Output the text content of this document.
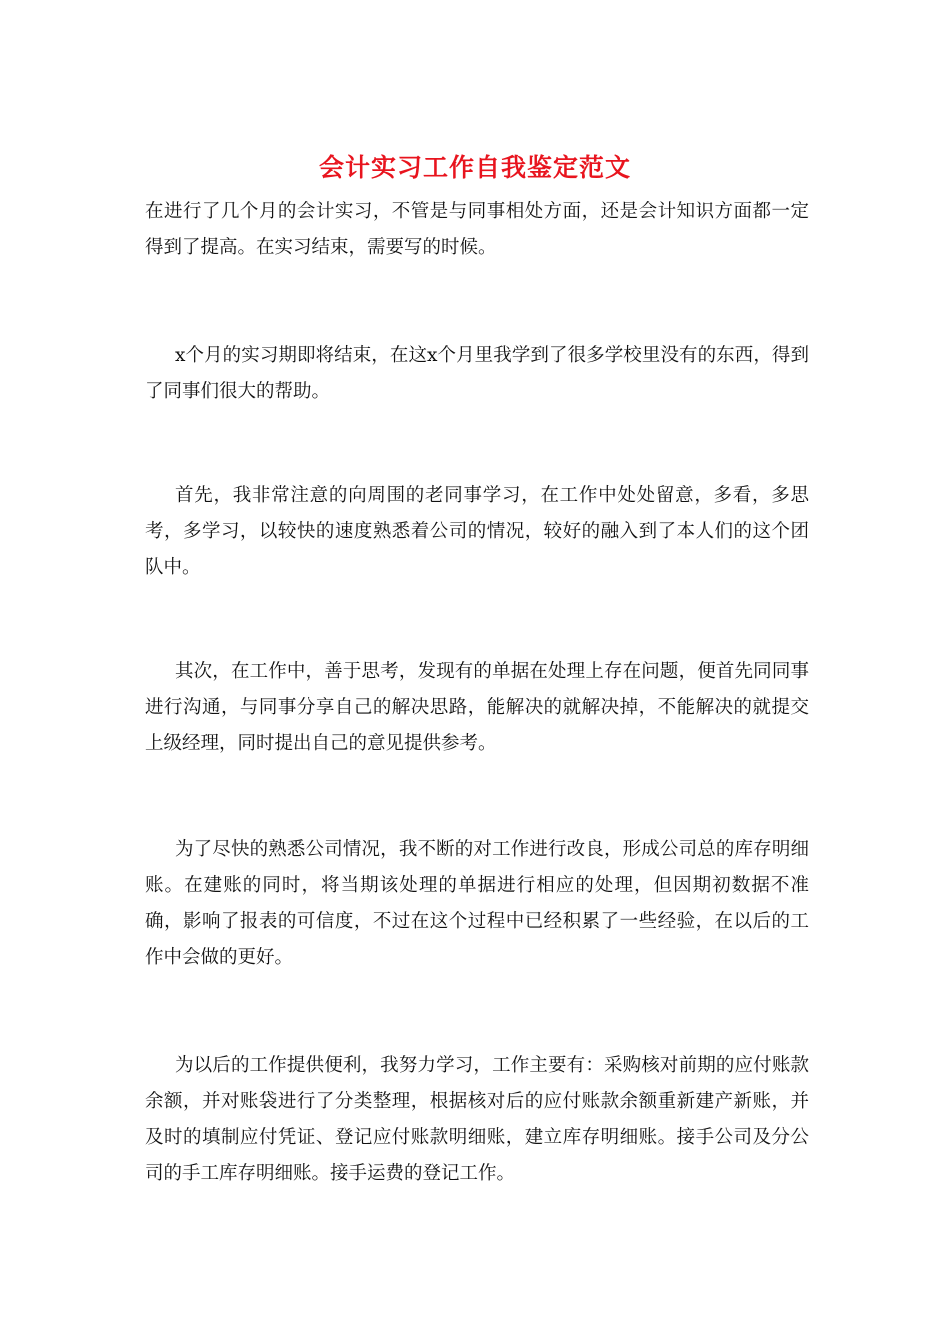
会计实习工作自我鉴定范文

在进行了几个月的会计实习，不管是与同事相处方面，还是会计知识方面都一定得到了提高。在实习结束，需要写的时候。

x个月的实习期即将结束，在这x个月里我学到了很多学校里没有的东西，得到了同事们很大的帮助。

首先，我非常注意的向周围的老同事学习，在工作中处处留意，多看，多思考，多学习，以较快的速度熟悉着公司的情况，较好的融入到了本人们的这个团队中。

其次，在工作中，善于思考，发现有的单据在处理上存在问题，便首先同同事进行沟通，与同事分享自己的解决思路，能解决的就解决掉，不能解决的就提交上级经理，同时提出自己的意见提供参考。

为了尽快的熟悉公司情况，我不断的对工作进行改良，形成公司总的库存明细账。在建账的同时，将当期该处理的单据进行相应的处理，但因期初数据不准确，影响了报表的可信度，不过在这个过程中已经积累了一些经验，在以后的工作中会做的更好。

为以后的工作提供便利，我努力学习，工作主要有：采购核对前期的应付账款余额，并对账袋进行了分类整理，根据核对后的应付账款余额重新建产新账，并及时的填制应付凭证、登记应付账款明细账，建立库存明细账。接手公司及分公司的手工库存明细账。接手运费的登记工作。
